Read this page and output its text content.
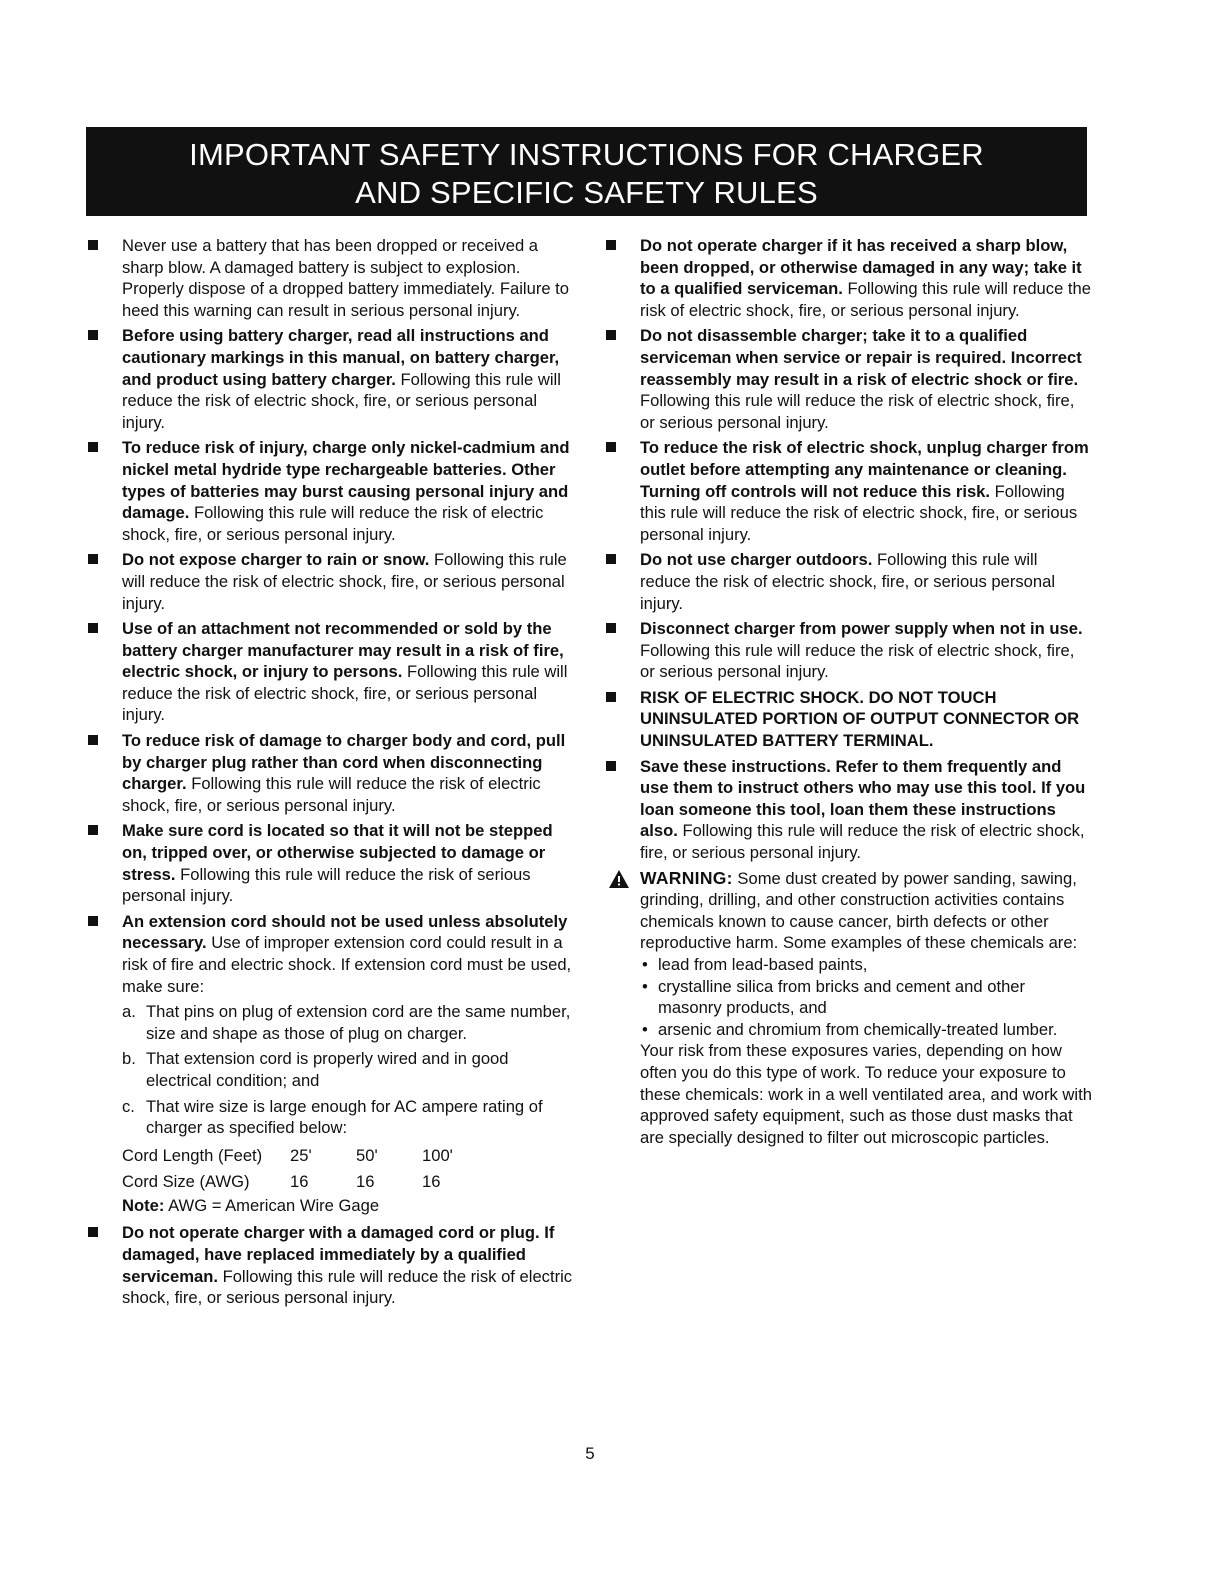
IMPORTANT SAFETY INSTRUCTIONS FOR CHARGER
AND SPECIFIC SAFETY RULES
Never use a battery that has been dropped or received a sharp blow. A damaged battery is subject to explosion. Properly dispose of a dropped battery immediately. Failure to heed this warning can result in serious personal injury.
Before using battery charger, read all instructions and cautionary markings in this manual, on battery charger, and product using battery charger. Following this rule will reduce the risk of electric shock, fire, or serious personal injury.
To reduce risk of injury, charge only nickel-cadmium and nickel metal hydride type rechargeable batteries. Other types of batteries may burst causing personal injury and damage. Following this rule will reduce the risk of electric shock, fire, or serious personal injury.
Do not expose charger to rain or snow. Following this rule will reduce the risk of electric shock, fire, or serious personal injury.
Use of an attachment not recommended or sold by the battery charger manufacturer may result in a risk of fire, electric shock, or injury to persons. Following this rule will reduce the risk of electric shock, fire, or serious personal injury.
To reduce risk of damage to charger body and cord, pull by charger plug rather than cord when disconnecting charger. Following this rule will reduce the risk of electric shock, fire, or serious personal injury.
Make sure cord is located so that it will not be stepped on, tripped over, or otherwise subjected to damage or stress. Following this rule will reduce the risk of serious personal injury.
An extension cord should not be used unless absolutely necessary. Use of improper extension cord could result in a risk of fire and electric shock. If extension cord must be used, make sure:
a. That pins on plug of extension cord are the same number, size and shape as those of plug on charger.
b. That extension cord is properly wired and in good electrical condition; and
c. That wire size is large enough for AC ampere rating of charger as specified below:
Cord Length (Feet)	25'	50'	100'
Cord Size (AWG)	16	16	16
Note: AWG = American Wire Gage
Do not operate charger with a damaged cord or plug. If damaged, have replaced immediately by a qualified serviceman. Following this rule will reduce the risk of electric shock, fire, or serious personal injury.
Do not operate charger if it has received a sharp blow, been dropped, or otherwise damaged in any way; take it to a qualified serviceman. Following this rule will reduce the risk of electric shock, fire, or serious personal injury.
Do not disassemble charger; take it to a qualified serviceman when service or repair is required. Incorrect reassembly may result in a risk of electric shock or fire. Following this rule will reduce the risk of electric shock, fire, or serious personal injury.
To reduce the risk of electric shock, unplug charger from outlet before attempting any maintenance or cleaning. Turning off controls will not reduce this risk. Following this rule will reduce the risk of electric shock, fire, or serious personal injury.
Do not use charger outdoors. Following this rule will reduce the risk of electric shock, fire, or serious personal injury.
Disconnect charger from power supply when not in use. Following this rule will reduce the risk of electric shock, fire, or serious personal injury.
RISK OF ELECTRIC SHOCK. DO NOT TOUCH UNINSULATED PORTION OF OUTPUT CONNECTOR OR UNINSULATED BATTERY TERMINAL.
Save these instructions. Refer to them frequently and use them to instruct others who may use this tool. If you loan someone this tool, loan them these instructions also. Following this rule will reduce the risk of electric shock, fire, or serious personal injury.
WARNING: Some dust created by power sanding, sawing, grinding, drilling, and other construction activities contains chemicals known to cause cancer, birth defects or other reproductive harm. Some examples of these chemicals are:
• lead from lead-based paints,
• crystalline silica from bricks and cement and other masonry products, and
• arsenic and chromium from chemically-treated lumber.
Your risk from these exposures varies, depending on how often you do this type of work. To reduce your exposure to these chemicals: work in a well ventilated area, and work with approved safety equipment, such as those dust masks that are specially designed to filter out microscopic particles.
5
